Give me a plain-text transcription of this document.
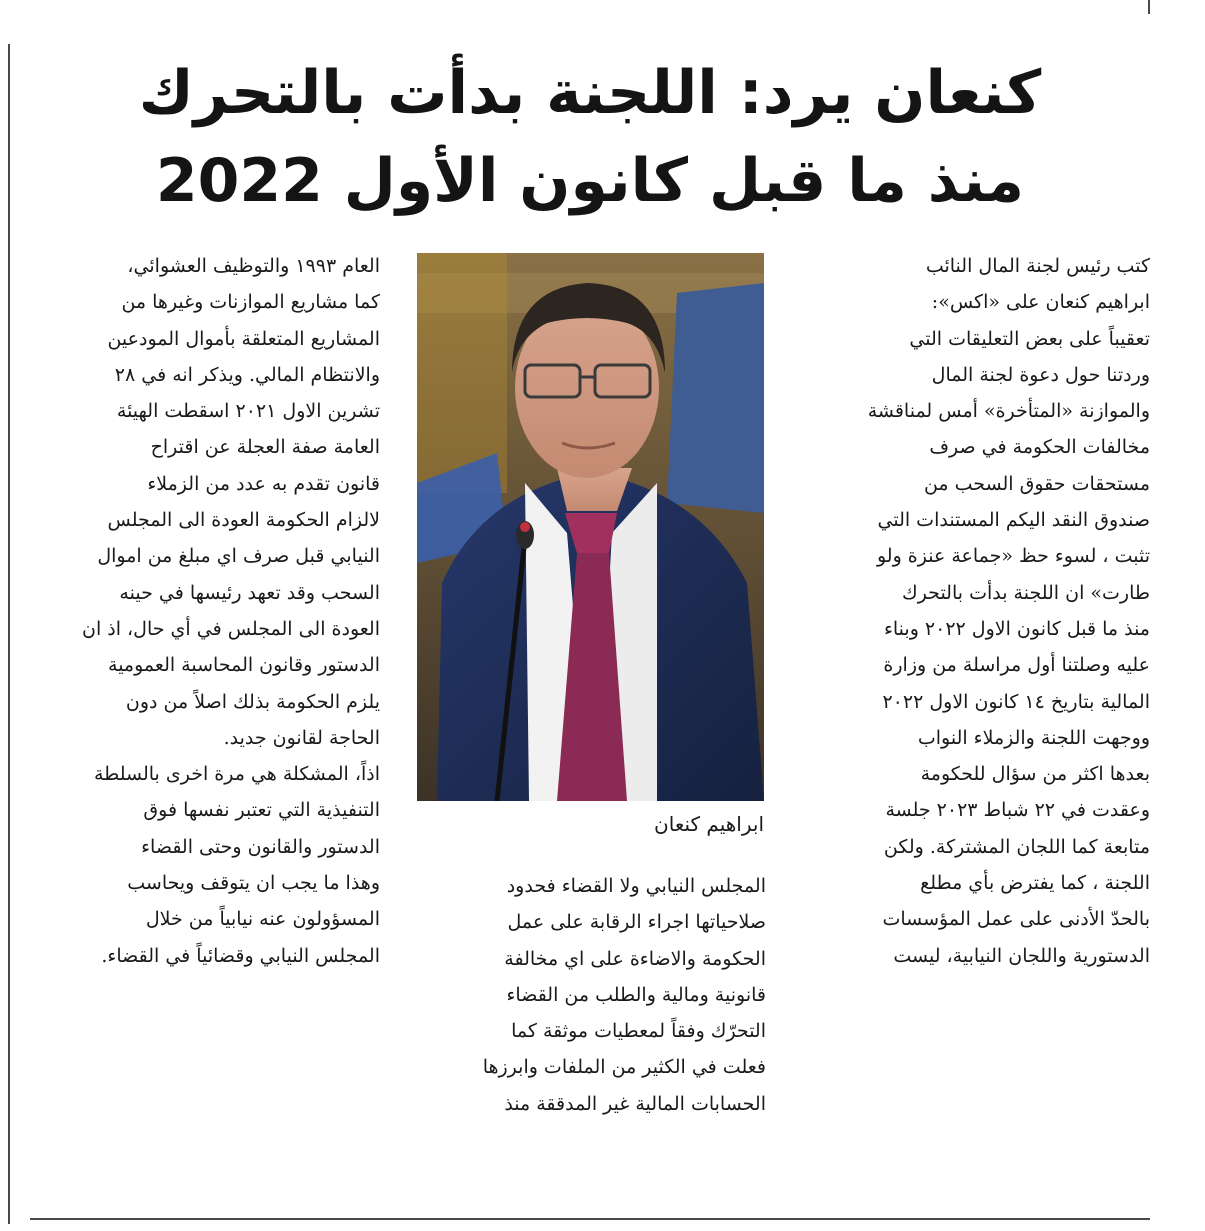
كنعان يرد: اللجنة بدأت بالتحرك
منذ ما قبل كانون الأول 2022

كتب رئيس لجنة المال النائب

ابراهيم كنعان على «اكس»:

تعقيباً على بعض التعليقات التي

وردتنا حول دعوة لجنة المال

والموازنة «المتأخرة» أمس لمناقشة

مخالفات الحكومة في صرف

مستحقات حقوق السحب من

صندوق النقد اليكم المستندات التي

تثبت ، لسوء حظ «جماعة عنزة ولو

طارت» ان اللجنة بدأت بالتحرك

منذ ما قبل كانون الاول ٢٠٢٢ وبناء

عليه وصلتنا أول مراسلة من وزارة

المالية بتاريخ ١٤ كانون الاول ٢٠٢٢

ووجهت اللجنة والزملاء النواب

بعدها اكثر من سؤال للحكومة

وعقدت في ٢٢ شباط ٢٠٢٣ جلسة

متابعة كما اللجان المشتركة. ولكن

اللجنة ، كما يفترض بأي مطلع

بالحدّ الأدنى على عمل المؤسسات

الدستورية واللجان النيابية، ليست

ابراهيم كنعان

المجلس النيابي ولا القضاء فحدود

صلاحياتها اجراء الرقابة على عمل

الحكومة والاضاءة على اي مخالفة

قانونية ومالية والطلب من القضاء

التحرّك وفقاً لمعطيات موثقة كما

فعلت في الكثير من الملفات وابرزها

الحسابات المالية غير المدققة منذ

العام ١٩٩٣ والتوظيف العشوائي،

كما مشاريع الموازنات وغيرها من

المشاريع المتعلقة بأموال المودعين

والانتظام المالي. ويذكر انه في ٢٨

تشرين الاول ٢٠٢١ اسقطت الهيئة

العامة صفة العجلة عن اقتراح

قانون تقدم به عدد من الزملاء

لالزام الحكومة العودة الى المجلس

النيابي قبل صرف اي مبلغ من اموال

السحب وقد تعهد رئيسها في حينه

العودة الى المجلس في أي حال، اذ ان

الدستور وقانون المحاسبة العمومية

يلزم الحكومة بذلك اصلاً من دون

الحاجة لقانون جديد.

اذاً، المشكلة هي مرة اخرى بالسلطة

التنفيذية التي تعتبر نفسها فوق

الدستور والقانون وحتى القضاء

وهذا ما يجب ان يتوقف ويحاسب

المسؤولون عنه نيابياً من خلال

المجلس النيابي وقضائياً في القضاء.
